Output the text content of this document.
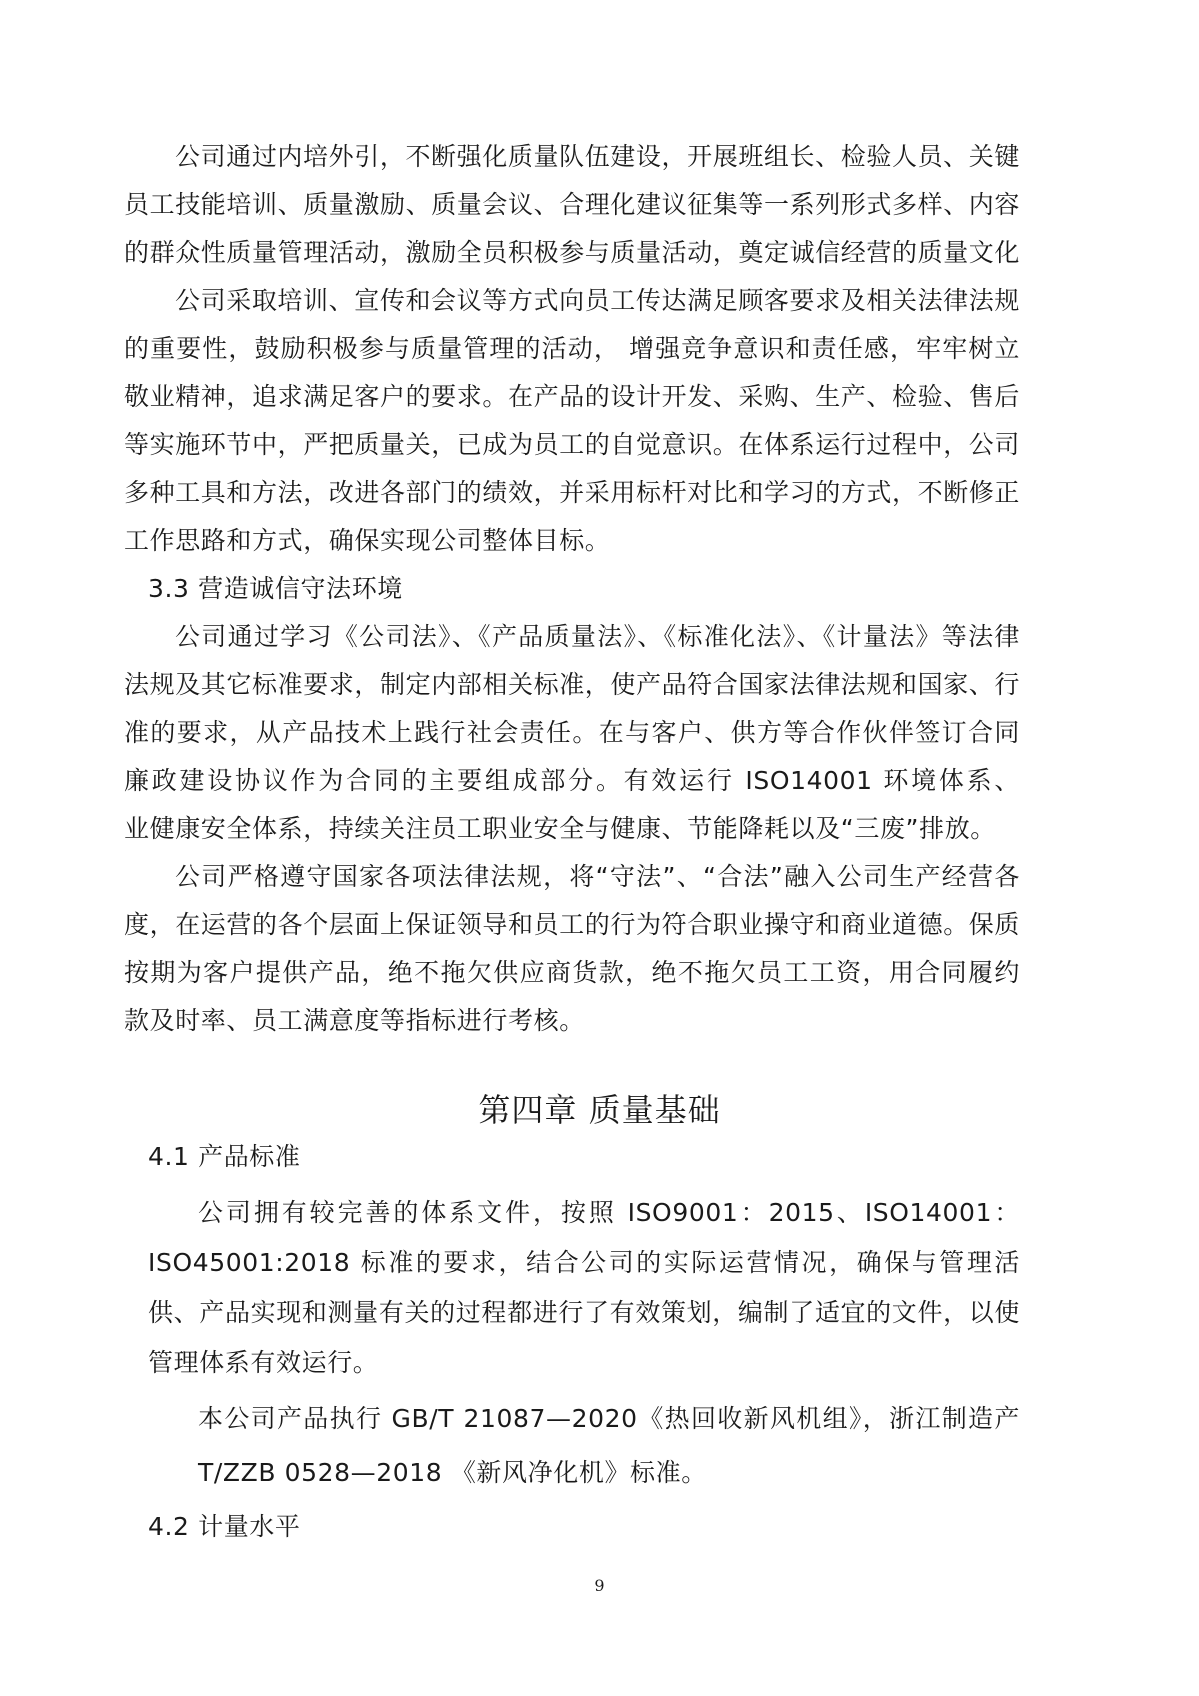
公司通过内培外引，不断强化质量队伍建设，开展班组长、检验人员、关键
员工技能培训、质量激励、质量会议、合理化建议征集等一系列形式多样、内容
的群众性质量管理活动，激励全员积极参与质量活动，奠定诚信经营的质量文化
公司采取培训、宣传和会议等方式向员工传达满足顾客要求及相关法律法规
的重要性，鼓励积极参与质量管理的活动， 增强竞争意识和责任感，牢牢树立
敬业精神，追求满足客户的要求。在产品的设计开发、采购、生产、检验、售后
等实施环节中，严把质量关，已成为员工的自觉意识。在体系运行过程中，公司
多种工具和方法，改进各部门的绩效，并采用标杆对比和学习的方式，不断修正
工作思路和方式，确保实现公司整体目标。
3.3 营造诚信守法环境
公司通过学习《公司法》、《产品质量法》、《标准化法》、《计量法》等法律
法规及其它标准要求，制定内部相关标准，使产品符合国家法律法规和国家、行
准的要求，从产品技术上践行社会责任。在与客户、供方等合作伙伴签订合同
廉政建设协议作为合同的主要组成部分。有效运行 ISO14001 环境体系、
业健康安全体系，持续关注员工职业安全与健康、节能降耗以及“三废”排放。
公司严格遵守国家各项法律法规，将“守法”、“合法”融入公司生产经营各
度，在运营的各个层面上保证领导和员工的行为符合职业操守和商业道德。保质
按期为客户提供产品，绝不拖欠供应商货款，绝不拖欠员工工资，用合同履约
款及时率、员工满意度等指标进行考核。
第四章 质量基础
4.1 产品标准
公司拥有较完善的体系文件，按照 ISO9001：2015、ISO14001：
ISO45001:2018 标准的要求，结合公司的实际运营情况，确保与管理活
供、产品实现和测量有关的过程都进行了有效策划，编制了适宜的文件，以使
管理体系有效运行。
本公司产品执行 GB/T 21087—2020《热回收新风机组》，浙江制造产
T/ZZB 0528—2018 《新风净化机》标准。
4.2 计量水平
9
